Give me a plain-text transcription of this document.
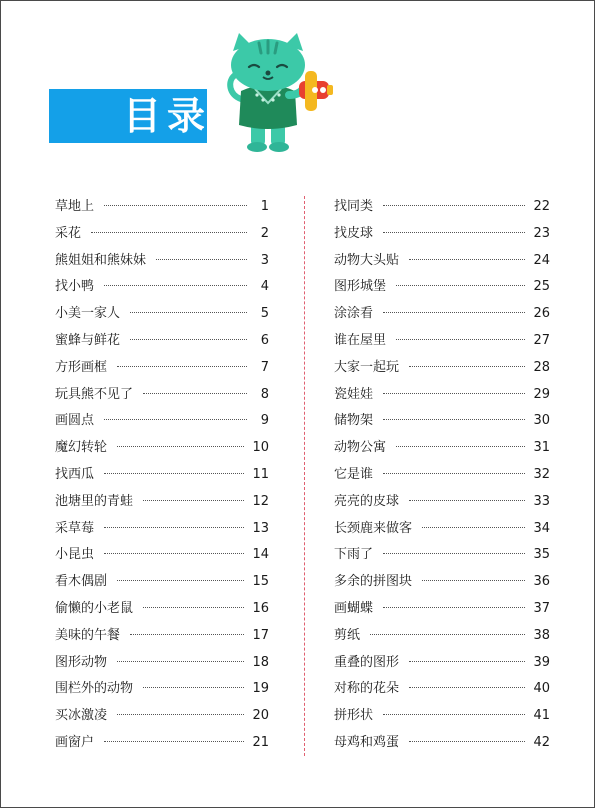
目录
草地上	1
采花	2
熊姐姐和熊妹妹	3
找小鸭	4
小美一家人	5
蜜蜂与鲜花	6
方形画框	7
玩具熊不见了	8
画圆点	9
魔幻转轮	10
找西瓜	11
池塘里的青蛙	12
采草莓	13
小昆虫	14
看木偶剧	15
偷懒的小老鼠	16
美味的午餐	17
图形动物	18
围栏外的动物	19
买冰激凌	20
画窗户	21
找同类	22
找皮球	23
动物大头贴	24
图形城堡	25
涂涂看	26
谁在屋里	27
大家一起玩	28
瓷娃娃	29
储物架	30
动物公寓	31
它是谁	32
亮亮的皮球	33
长颈鹿来做客	34
下雨了	35
多余的拼图块	36
画蝴蝶	37
剪纸	38
重叠的图形	39
对称的花朵	40
拼形状	41
母鸡和鸡蛋	42
